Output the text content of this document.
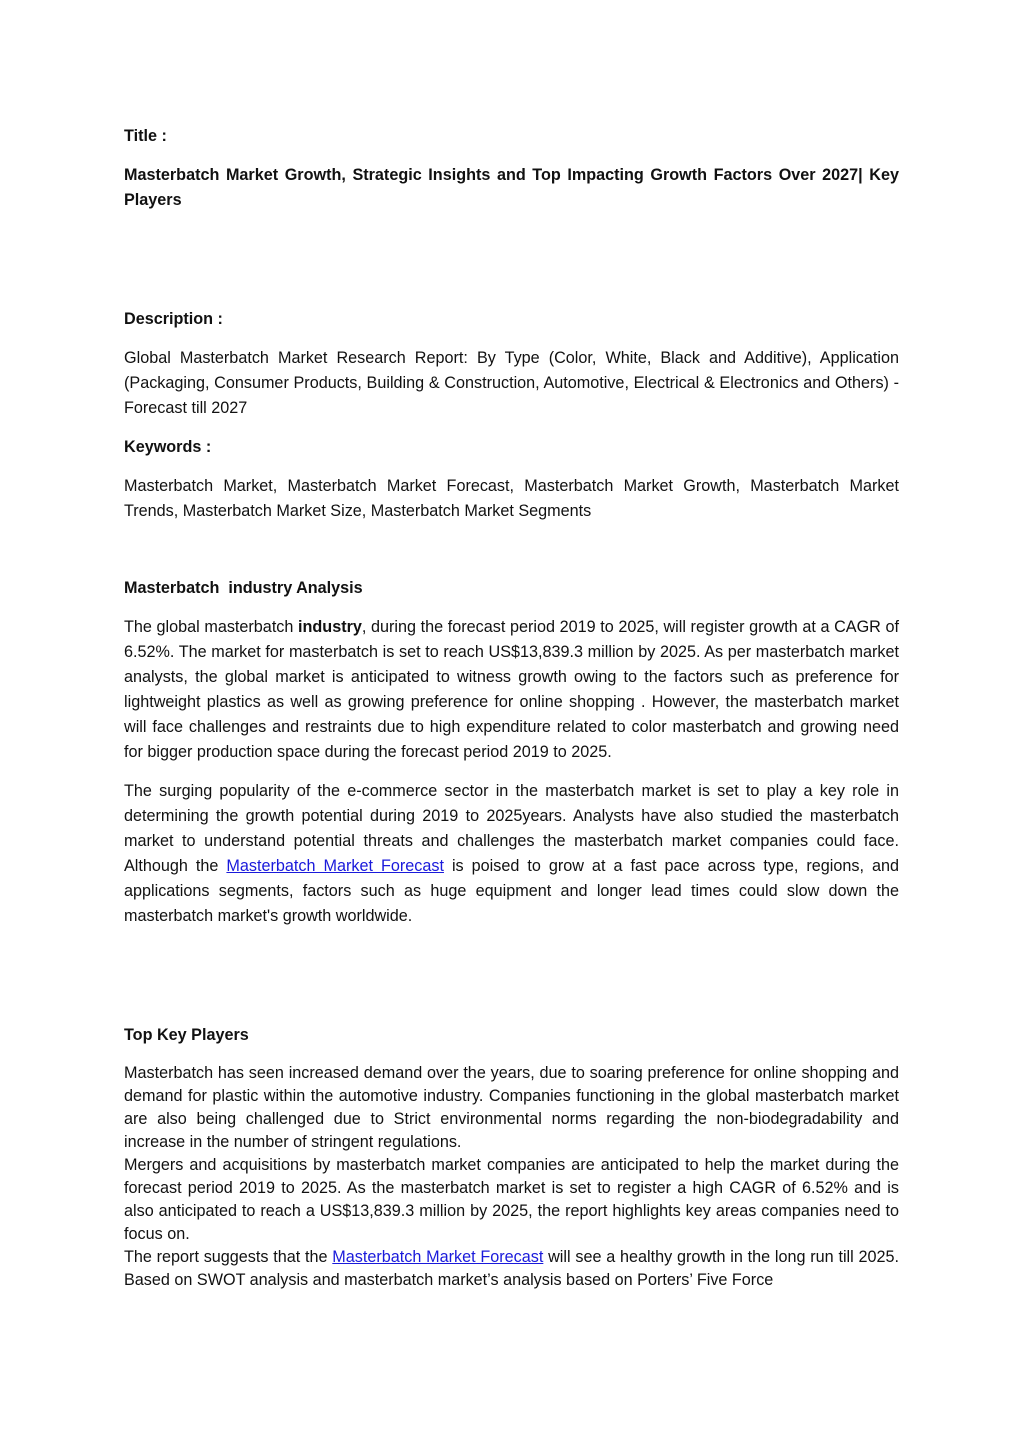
Title :

Masterbatch Market Growth, Strategic Insights and Top Impacting Growth Factors Over 2027| Key Players

Description :

Global Masterbatch Market Research Report: By Type (Color, White, Black and Additive), Application (Packaging, Consumer Products, Building & Construction, Automotive, Electrical & Electronics and Others) - Forecast till 2027

Keywords :

Masterbatch Market, Masterbatch Market Forecast, Masterbatch Market Growth, Masterbatch Market Trends, Masterbatch Market Size, Masterbatch Market Segments

Masterbatch  industry Analysis

The global masterbatch industry, during the forecast period 2019 to 2025, will register growth at a CAGR of 6.52%. The market for masterbatch is set to reach US$13,839.3 million by 2025. As per masterbatch market analysts, the global market is anticipated to witness growth owing to the factors such as preference for lightweight plastics as well as growing preference for online shopping . However, the masterbatch market will face challenges and restraints due to high expenditure related to color masterbatch and growing need for bigger production space during the forecast period 2019 to 2025.

The surging popularity of the e-commerce sector in the masterbatch market is set to play a key role in determining the growth potential during 2019 to 2025years. Analysts have also studied the masterbatch market to understand potential threats and challenges the masterbatch market companies could face. Although the Masterbatch Market Forecast is poised to grow at a fast pace across type, regions, and applications segments, factors such as huge equipment and longer lead times could slow down the masterbatch market's growth worldwide.

Top Key Players

Masterbatch has seen increased demand over the years, due to soaring preference for online shopping and demand for plastic within the automotive industry. Companies functioning in the global masterbatch market are also being challenged due to Strict environmental norms regarding the non-biodegradability and increase in the number of stringent regulations.

Mergers and acquisitions by masterbatch market companies are anticipated to help the market during the forecast period 2019 to 2025. As the masterbatch market is set to register a high CAGR of 6.52% and is also anticipated to reach a US$13,839.3 million by 2025, the report highlights key areas companies need to focus on.

The report suggests that the Masterbatch Market Forecast will see a healthy growth in the long run till 2025. Based on SWOT analysis and masterbatch market’s analysis based on Porters’ Five Force
